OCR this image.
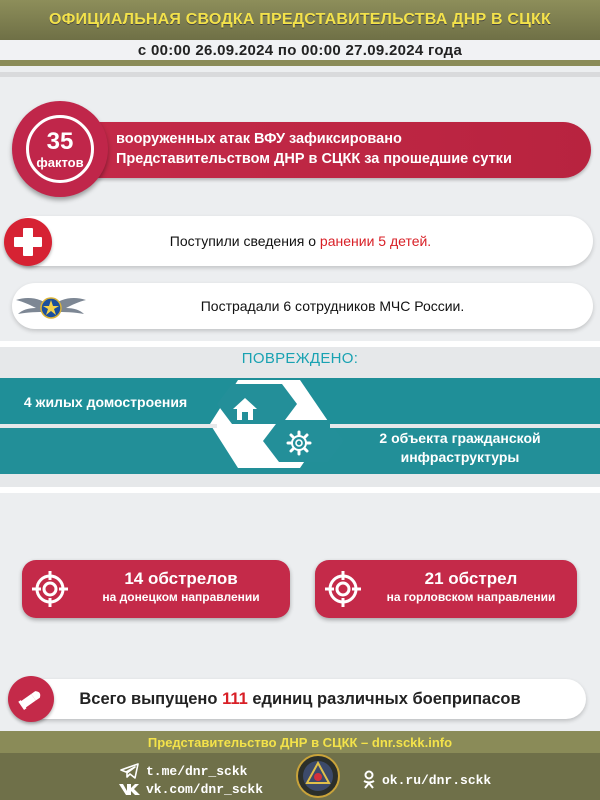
ОФИЦИАЛЬНАЯ СВОДКА ПРЕДСТАВИТЕЛЬСТВА ДНР В СЦКК
с 00:00 26.09.2024 по 00:00 27.09.2024 года
вооруженных атак ВФУ зафиксировано
Представительством ДНР в СЦКК за прошедшие сутки
35
фактов
Поступили сведения о ранении 5 детей.
Пострадали 6 сотрудников МЧС России.
ПОВРЕЖДЕНО:
4 жилых домостроения
2 объекта гражданской
инфраструктуры
14 обстрелов
на донецком направлении
21 обстрел
на горловском направлении
Всего выпущено 111 единиц различных боеприпасов
Представительство ДНР в СЦКК – dnr.sckk.info
t.me/dnr_sckk
vk.com/dnr_sckk
ok.ru/dnr.sckk
